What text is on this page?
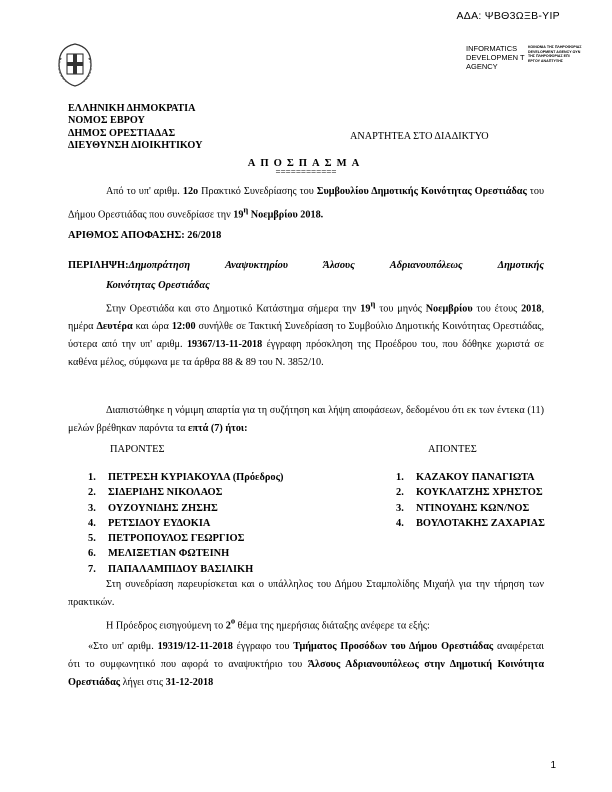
ΑΔΑ: ΨΒΘ3ΩΞΒ-ΥΙΡ
INFORMATICS DEVELOPMEN T AGENCY
ΚΟΙΝΩΝΙΑ ΤΗΣ ΠΛΗΡΟΦΟΡΙΑΣ DEVELOPMENT AGENCY ΩΥΝ ΤΗΣ ΠΛΗΡΟΦΟΡΙΑΣ ΕΠΙ ΕΡΓΟΥ ΑΝΑΠΤΥΞΗΣ
ΕΛΛΗΝΙΚΗ ΔΗΜΟΚΡΑΤΙΑ
ΝΟΜΟΣ ΕΒΡΟΥ
ΔΗΜΟΣ ΟΡΕΣΤΙΑΔΑΣ
ΔΙΕΥΘΥΝΣΗ ΔΙΟΙΚΗΤΙΚΟΥ
ΑΝΑΡΤΗΤΕΑ ΣΤΟ ΔΙΑΔΙΚΤΥΟ
ΑΠΟΣΠΑΣΜΑ
============

Από το υπ' αριθμ. 12ο Πρακτικό Συνεδρίασης του Συμβουλίου Δημοτικής Κοινότητας Ορεστιάδας του Δήμου Ορεστιάδας που συνεδρίασε την $19^\eta$ Νοεμβρίου 2018.

ΑΡΙΘΜΟΣ ΑΠΟΦΑΣΗΣ: 26/2018
ΠΕΡΙΛΗΨΗ:Δημοπράτηση	Αναψυκτηρίου	Άλσους	Αδριανουπόλεως	Δημοτικής
Κοινότητας Ορεστιάδας

Στην Ορεστιάδα και στο Δημοτικό Κατάστημα σήμερα την $19^\eta$ του μηνός Νοεμβρίου του έτους 2018, ημέρα Δευτέρα και ώρα 12:00 συνήλθε σε Τακτική Συνεδρίαση το Συμβούλιο Δημοτικής Κοινότητας Ορεστιάδας, ύστερα από την υπ' αριθμ. 19367/13-11-2018 έγγραφη πρόσκληση της Προέδρου του, που δόθηκε χωριστά σε καθένα μέλος, σύμφωνα με τα άρθρα 88 & 89 του Ν. 3852/10.

Διαπιστώθηκε η νόμιμη απαρτία για τη συζήτηση και λήψη αποφάσεων, δεδομένου ότι εκ των έντεκα (11) μελών βρέθηκαν παρόντα τα επτά (7) ήτοι:

ΠΑΡΟΝΤΕΣ	ΑΠΟΝΤΕΣ
1. ΠΕΤΡΕΣΗ ΚΥΡΙΑΚΟΥΛΑ (Πρόεδρος)
2. ΣΙΔΕΡΙΔΗΣ ΝΙΚΟΛΑΟΣ
3. ΟΥΖΟΥΝΙΔΗΣ ΖΗΣΗΣ
4. ΡΕΤΣΙΔΟΥ ΕΥΔΟΚΙΑ
5. ΠΕΤΡΟΠΟΥΛΟΣ ΓΕΩΡΓΙΟΣ
6. ΜΕΛΙΞΕΤΙΑΝ ΦΩΤΕΙΝΗ
7. ΠΑΠΑΛΑΜΠΙΔΟΥ ΒΑΣΙΛΙΚΗ
1. ΚΑΖΑΚΟΥ ΠΑΝΑΓΙΩΤΑ
2. ΚΟΥΚΛΑΤΖΗΣ ΧΡΗΣΤΟΣ
3. ΝΤΙΝΟΥΔΗΣ ΚΩΝ/ΝΟΣ
4. ΒΟΥΛΟΤΑΚΗΣ ΖΑΧΑΡΙΑΣ

Στη συνεδρίαση παρευρίσκεται και ο υπάλληλος του Δήμου Σταμπολίδης Μιχαήλ για την τήρηση των πρακτικών.

Η Πρόεδρος εισηγούμενη το $2^o$ θέμα της ημερήσιας διάταξης ανέφερε τα εξής:

«Στο υπ' αριθμ. 19319/12-11-2018 έγγραφο του Τμήματος Προσόδων του Δήμου Ορεστιάδας αναφέρεται ότι το συμφωνητικό που αφορά το αναψυκτήριο του Άλσους Αδριανουπόλεως στην Δημοτική Κοινότητα Ορεστιάδας λήγει στις 31-12-2018

1
